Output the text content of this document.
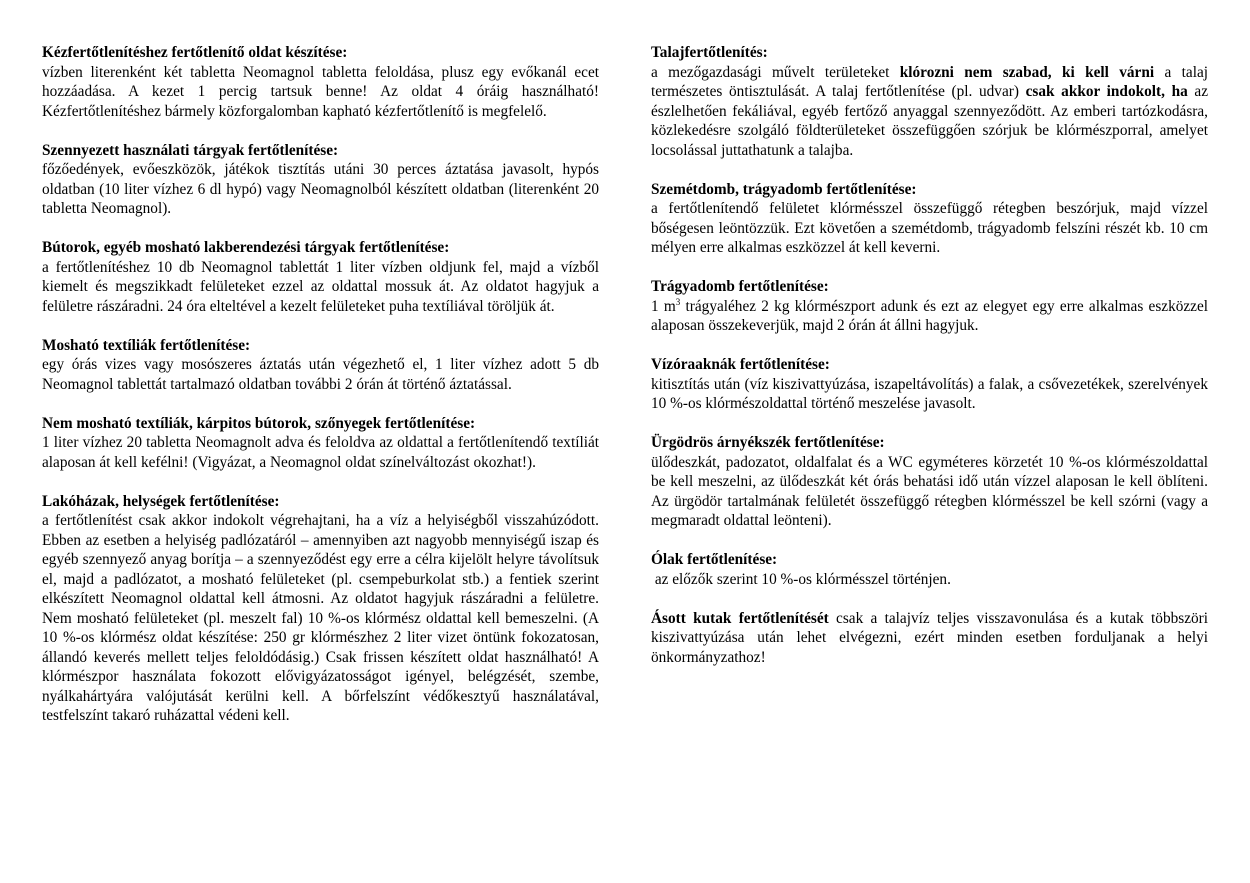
Kézfertőtlenítéshez fertőtlenítő oldat készítése:
vízben literenként két tabletta Neomagnol tabletta feloldása, plusz egy evőkanál ecet hozzáadása. A kezet 1 percig tartsuk benne! Az oldat 4 óráig használható! Kézfertőtlenítéshez bármely közforgalomban kapható kézfertőtlenítő is megfelelő.
Szennyezett használati tárgyak fertőtlenítése:
főzőedények, evőeszközök, játékok tisztítás utáni 30 perces áztatása javasolt, hypós oldatban (10 liter vízhez 6 dl hypó) vagy Neomagnolból készített oldatban (literenként 20 tabletta Neomagnol).
Bútorok, egyéb mosható lakberendezési tárgyak fertőtlenítése:
a fertőtlenítéshez 10 db Neomagnol tablettát 1 liter vízben oldjunk fel, majd a vízből kiemelt és megszikkadt felületeket ezzel az oldattal mossuk át. Az oldatot hagyjuk a felületre rászáradni. 24 óra elteltével a kezelt felületeket puha textíliával töröljük át.
Mosható textíliák fertőtlenítése:
egy órás vizes vagy mosószeres áztatás után végezhető el, 1 liter vízhez adott 5 db Neomagnol tablettát tartalmazó oldatban további 2 órán át történő áztatással.
Nem mosható textíliák, kárpitos bútorok, szőnyegek fertőtlenítése:
1 liter vízhez 20 tabletta Neomagnolt adva és feloldva az oldattal a fertőtlenítendő textíliát alaposan át kell kefélni! (Vigyázat, a Neomagnol oldat színelváltozást okozhat!).
Lakóházak, helységek fertőtlenítése:
a fertőtlenítést csak akkor indokolt végrehajtani, ha a víz a helyiségből visszahúzódott. Ebben az esetben a helyiség padlózatáról – amennyiben azt nagyobb mennyiségű iszap és egyéb szennyező anyag borítja – a szennyeződést egy erre a célra kijelölt helyre távolítsuk el, majd a padlózatot, a mosható felületeket (pl. csempeburkolat stb.) a fentiek szerint elkészített Neomagnol oldattal kell átmosni. Az oldatot hagyjuk rászáradni a felületre. Nem mosható felületeket (pl. meszelt fal) 10 %-os klórmész oldattal kell bemeszelni. (A 10 %-os klórmész oldat készítése: 250 gr klórmészhez 2 liter vizet öntünk fokozatosan, állandó keverés mellett teljes feloldódásig.) Csak frissen készített oldat használható! A klórmészpor használata fokozott elővigyázatosságot igényel, belégzését, szembe, nyálkahártyára valójutását kerülni kell. A bőrfelszínt védőkesztyű használatával, testfelszínt takaró ruházattal védeni kell.
Talajfertőtlenítés:
a mezőgazdasági művelt területeket klórozni nem szabad, ki kell várni a talaj természetes öntisztulását. A talaj fertőtlenítése (pl. udvar) csak akkor indokolt, ha az észlelhetően fekáliával, egyéb fertőző anyaggal szennyeződött. Az emberi tartózkodásra, közlekedésre szolgáló földterületeket összefüggően szórjuk be klórmészporral, amelyet locsolással juttathatunk a talajba.
Szemétdomb, trágyadomb fertőtlenítése:
a fertőtlenítendő felületet klórmésszel összefüggő rétegben beszórjuk, majd vízzel bőségesen leöntözzük. Ezt követően a szemétdomb, trágyadomb felszíni részét kb. 10 cm mélyen erre alkalmas eszközzel át kell keverni.
Trágyadomb fertőtlenítése:
1 $m^3$ trágyaléhez 2 kg klórmészport adunk és ezt az elegyet egy erre alkalmas eszközzel alaposan összekeverjük, majd 2 órán át állni hagyjuk.
Vízóraaknák fertőtlenítése:
kitisztítás után (víz kiszivattyúzása, iszapeltávolítás) a falak, a csővezetékek, szerelvények 10 %-os klórmészoldattal történő meszelése javasolt.
Ürgödrös árnyékszék fertőtlenítése:
ülődeszkát, padozatot, oldalfalat és a WC egyméteres körzetét 10 %-os klórmészoldattal be kell meszelni, az ülődeszkát két órás behatási idő után vízzel alaposan le kell öblíteni. Az ürgödör tartalmának felületét összefüggő rétegben klórmésszel be kell szórni (vagy a megmaradt oldattal leönteni).
Ólak fertőtlenítése:
az előzők szerint 10 %-os klórmésszel történjen.
Ásott kutak fertőtlenítését csak a talajvíz teljes visszavonulása és a kutak többszöri kiszivattyúzása után lehet elvégezni, ezért minden esetben forduljanak a helyi önkormányzathoz!
